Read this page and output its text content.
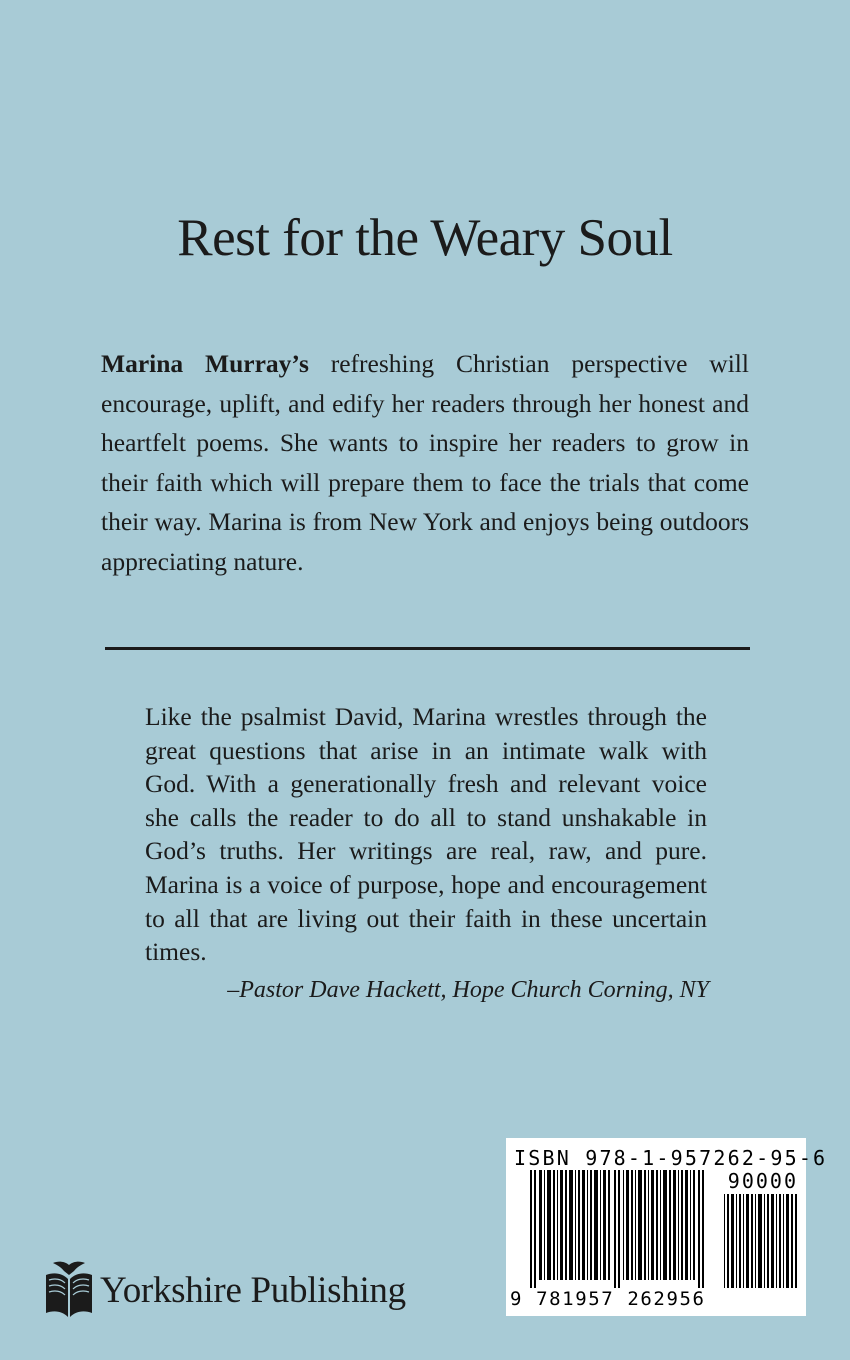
Rest for the Weary Soul

Marina Murray’s refreshing Christian perspective will encourage, uplift, and edify her readers through her honest and heartfelt poems. She wants to inspire her readers to grow in their faith which will prepare them to face the trials that come their way. Marina is from New York and enjoys being outdoors appreciating nature.

Like the psalmist David, Marina wrestles through the great questions that arise in an intimate walk with God. With a generationally fresh and relevant voice she calls the reader to do all to stand unshakable in God’s truths. Her writings are real, raw, and pure. Marina is a voice of purpose, hope and encouragement to all that are living out their faith in these uncertain times.

–Pastor Dave Hackett, Hope Church Corning, NY
Yorkshire Publishing
ISBN 978-1-957262-95-6
90000
9 781957 262956
